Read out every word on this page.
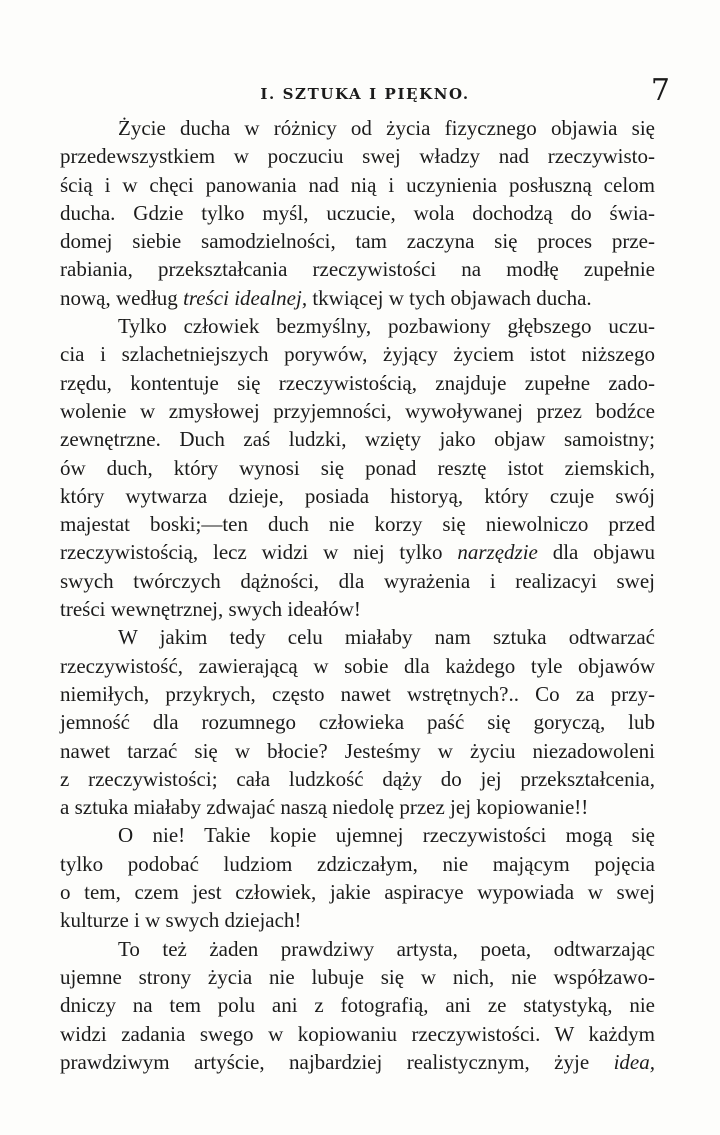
I. SZTUKA I PIĘKNO.	7
Życie ducha w różnicy od życia fizycznego objawia się
przedewszystkiem w poczuciu swej władzy nad rzeczywisto-
ścią i w chęci panowania nad nią i uczynienia posłuszną celom
ducha. Gdzie tylko myśl, uczucie, wola dochodzą do świa-
domej siebie samodzielności, tam zaczyna się proces prze-
rabiania, przekształcania rzeczywistości na modłę zupełnie
nową, według treści idealnej, tkwiącej w tych objawach ducha.
Tylko człowiek bezmyślny, pozbawiony głębszego uczu-
cia i szlachetniejszych porywów, żyjący życiem istot niższego
rzędu, kontentuje się rzeczywistością, znajduje zupełne zado-
wolenie w zmysłowej przyjemności, wywoływanej przez bodźce
zewnętrzne. Duch zaś ludzki, wzięty jako objaw samoistny;
ów duch, który wynosi się ponad resztę istot ziemskich,
który wytwarza dzieje, posiada historyą, który czuje swój
majestat boski;—ten duch nie korzy się niewolniczo przed
rzeczywistością, lecz widzi w niej tylko narzędzie dla objawu
swych twórczych dążności, dla wyrażenia i realizacyi swej
treści wewnętrznej, swych ideałów!
W jakim tedy celu miałaby nam sztuka odtwarzać
rzeczywistość, zawierającą w sobie dla każdego tyle objawów
niemiłych, przykrych, często nawet wstrętnych?.. Co za przy-
jemność dla rozumnego człowieka paść się goryczą, lub
nawet tarzać się w błocie? Jesteśmy w życiu niezadowoleni
z rzeczywistości; cała ludzkość dąży do jej przekształcenia,
a sztuka miałaby zdwajać naszą niedolę przez jej kopiowanie!!
O nie! Takie kopie ujemnej rzeczywistości mogą się
tylko podobać ludziom zdziczałym, nie mającym pojęcia
o tem, czem jest człowiek, jakie aspiracye wypowiada w swej
kulturze i w swych dziejach!
To też żaden prawdziwy artysta, poeta, odtwarzając
ujemne strony życia nie lubuje się w nich, nie współzawo-
dniczy na tem polu ani z fotografią, ani ze statystyką, nie
widzi zadania swego w kopiowaniu rzeczywistości. W każdym
prawdziwym artyście, najbardziej realistycznym, żyje idea,
